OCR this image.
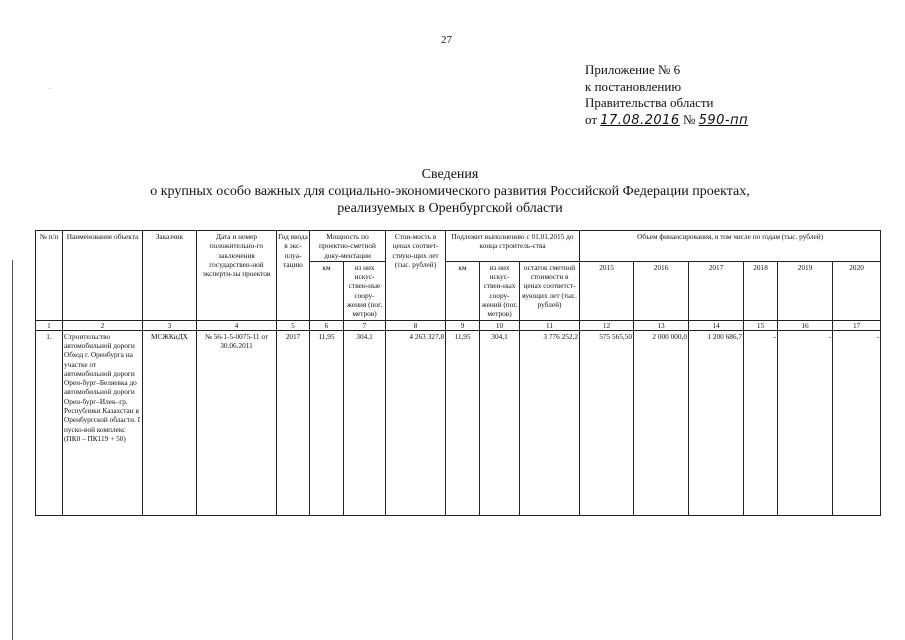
·
27
Приложение № 6
к постановлению
Правительства области
от 17.08.2016 № 590-пп
Сведения
о крупных особо важных для социально-экономического развития Российской Федерации проектах,
реализуемых в Оренбургской области
№ п/п	Наименование объекта	Заказчик	Дата и номер положительно-го заключения государствен-ной эксперти-зы проектов	Год ввода в экс-плуа-тацию	Мощность по проектно-сметной доку-ментации		Стои-мость в ценах соответ-ствую-щих лет (тыс. рублей)	Подлежит выполнению с 01.01.2015 до конца строитель-ства			Объем финансирования, в том числе по годам (тыс. рублей)					
					км	из них искус-ствен-ные соору-жения (пог. метров)		км	из них искус-ствен-ных соору-жений (пог. метров)	остаток сметной стоимости в ценах соответст-вующих лет (тыс. рублей)	2015	2016	2017	2018	2019	2020
1	2	3	4	5	6	7	8	9	10	11	12	13	14	15	16	17
1.	Строительство автомобильной дороги Обход г. Оренбурга на участке от автомобильной дороги Орен-бург–Беляевка до автомобильной дороги Орен-бург–Илек–гр. Республики Казахстан в Оренбургской области. I пуско-вой комплекс (ПК0 – ПК119 + 50)	МСЖКиДХ	№ 56-1-5-0075-11 от 30.06.2011	2017	11,95	304,1	4 263 327,8	11,95	304,1	3 776 252,2	575 565,50	2 000 000,0	1 200 686,7	-	-	-
